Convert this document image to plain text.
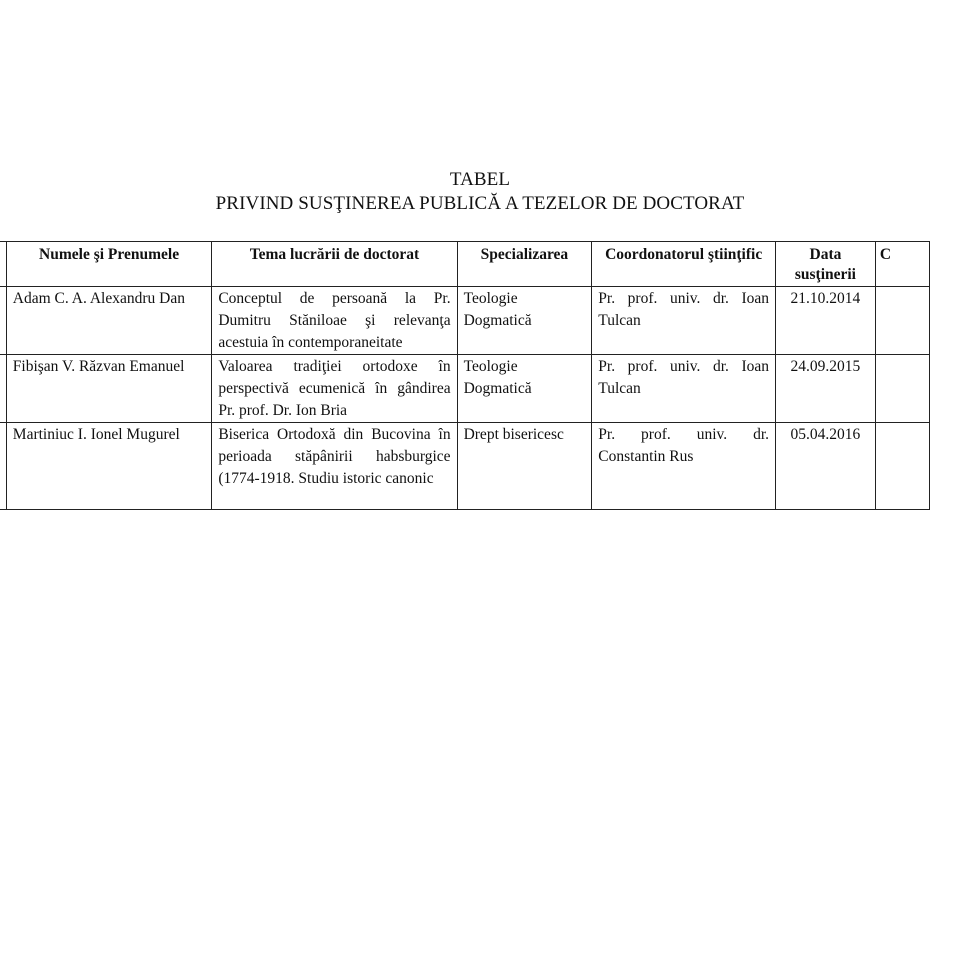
TABEL
PRIVIND SUSŢINEREA PUBLICĂ A TEZELOR DE DOCTORAT
	Numele şi Prenumele	Tema lucrării de doctorat	Specializarea	Coordonatorul ştiinţific	Data susţinerii	C
	Adam C. A. Alexandru Dan	Conceptul de persoană la Pr. Dumitru Stăniloae şi relevanţa acestuia în contemporaneitate	Teologie Dogmatică	Pr. prof. univ. dr. Ioan Tulcan	21.10.2014	
	Fibişan V. Răzvan Emanuel	Valoarea tradiţiei ortodoxe în perspectivă ecumenică în gândirea Pr. prof. Dr. Ion Bria	Teologie Dogmatică	Pr. prof. univ. dr. Ioan Tulcan	24.09.2015	
	Martiniuc I. Ionel Mugurel	Biserica Ortodoxă din Bucovina în perioada stăpânirii habsburgice (1774-1918. Studiu istoric canonic	Drept bisericesc	Pr. prof. univ. dr. Constantin Rus	05.04.2016	
